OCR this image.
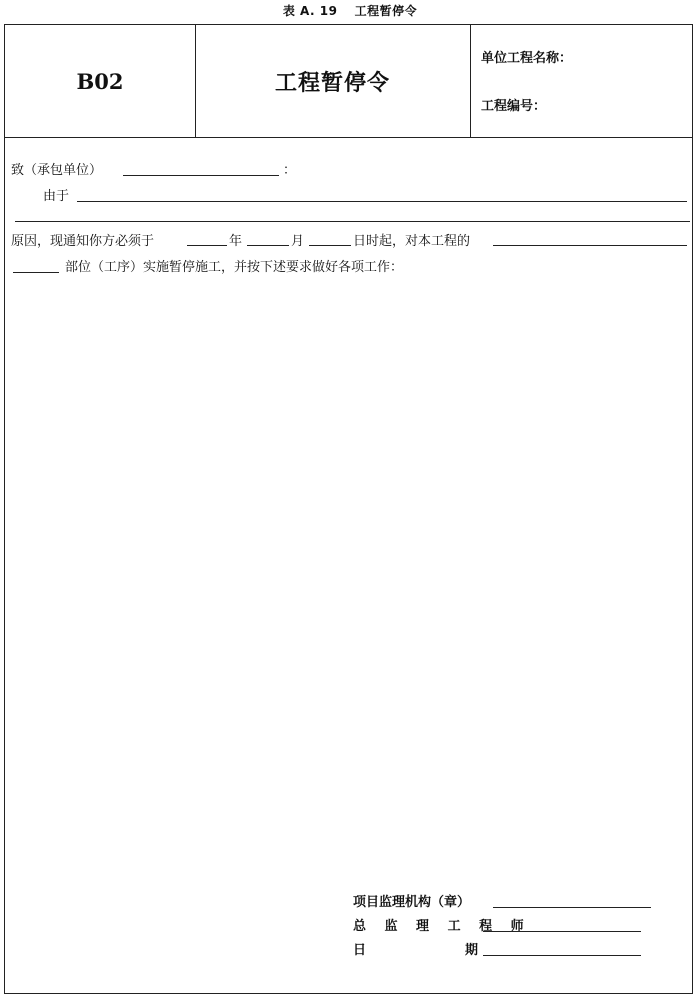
表 A. 19　 工程暂停令
B02	工程暂停令
单位工程名称：
工程编号：
致（承包单位）	：
由于
原因，现通知你方必须于	年	月	日时起，对本工程的
部位（工序）实施暂停施工，并按下述要求做好各项工作：
项目监理机构（章）
总 监 理 工 程 师
日	期
